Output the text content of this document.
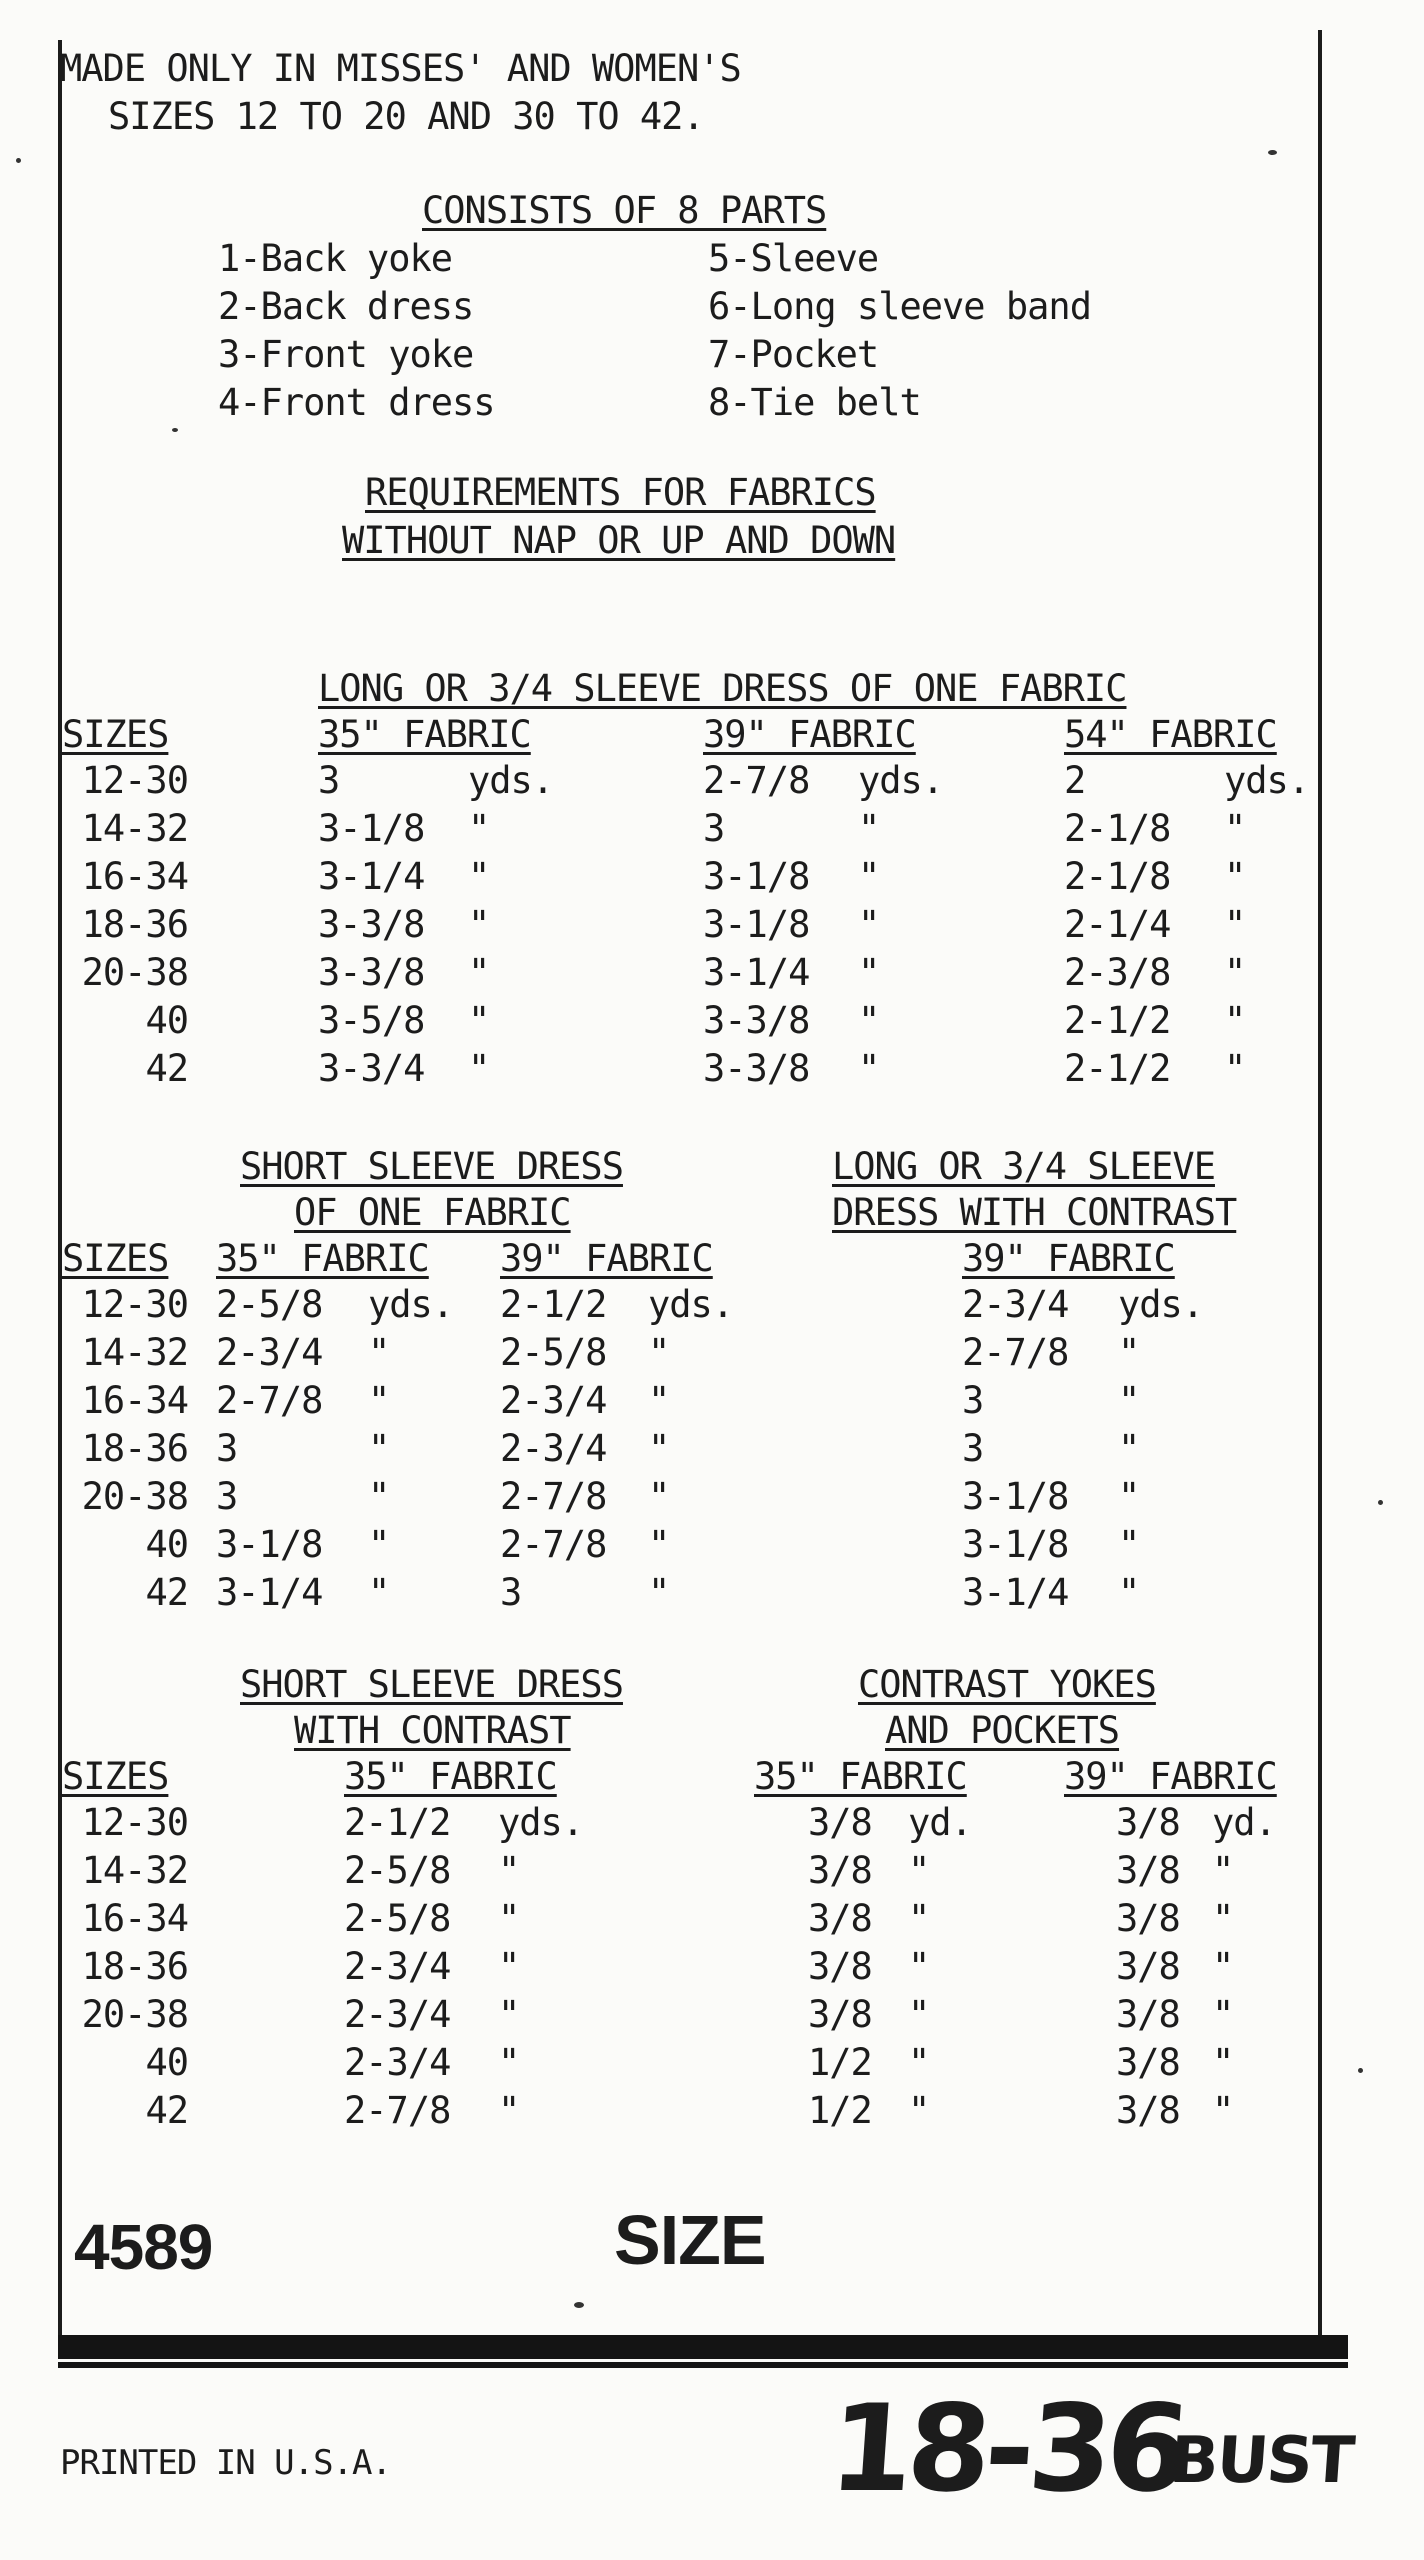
MADE ONLY IN MISSES' AND WOMEN'S
SIZES 12 TO 20 AND 30 TO 42.
CONSISTS OF 8 PARTS
1-Back yoke
2-Back dress
3-Front yoke
4-Front dress
5-Sleeve
6-Long sleeve band
7-Pocket
8-Tie belt
REQUIREMENTS FOR FABRICS
WITHOUT NAP OR UP AND DOWN
LONG OR 3/4 SLEEVE DRESS OF ONE FABRIC
SIZES	35" FABRIC	39" FABRIC	54" FABRIC
12-30	3	yds.	2-7/8 yds.	2	yds.
14-32	3-1/8 "	3	"	2-1/8 "
16-34	3-1/4 "	3-1/8 "	2-1/8 "
18-36	3-3/8 "	3-1/8 "	2-1/4 "
20-38	3-3/8 "	3-1/4 "	2-3/8 "
40	3-5/8 "	3-3/8 "	2-1/2 "
42	3-3/4 "	3-3/8 "	2-1/2 "
SHORT SLEEVE DRESS
OF ONE FABRIC
LONG OR 3/4 SLEEVE
DRESS WITH CONTRAST
SIZES 35" FABRIC 39" FABRIC	39" FABRIC
12-30 2-5/8 yds. 2-1/2 yds.	2-3/4 yds.
14-32 2-3/4 "	2-5/8 "	2-7/8 "
16-34 2-7/8 "	2-3/4 "	3	"
18-36 3	"	2-3/4 "	3	"
20-38 3	"	2-7/8 "	3-1/8 "
40 3-1/8 "	2-7/8 "	3-1/8 "
42 3-1/4 "	3	"	3-1/4 "
SHORT SLEEVE DRESS
WITH CONTRAST
CONTRAST YOKES
AND POCKETS
SIZES	35" FABRIC	35" FABRIC	39" FABRIC
12-30	2-1/2 yds.	3/8 yd.	3/8 yd.
14-32	2-5/8 "	3/8 "	3/8 "
16-34	2-5/8 "	3/8 "	3/8 "
18-36	2-3/4 "	3/8 "	3/8 "
20-38	2-3/4 "	3/8 "	3/8 "
40	2-3/4 "	1/2 "	3/8 "
42	2-7/8 "	1/2 "	3/8 "
4589	SIZE
PRINTED IN U.S.A.	18-36
BUST
